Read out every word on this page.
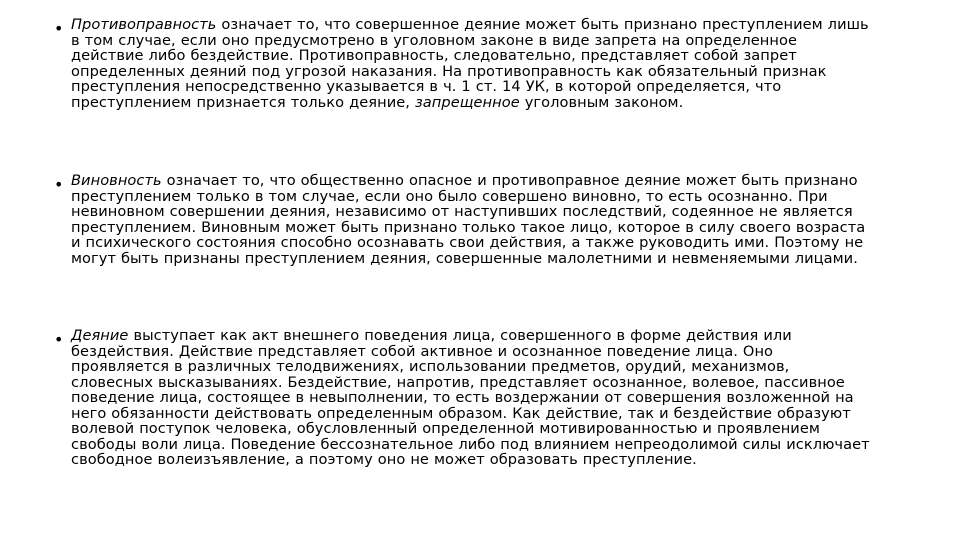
• Противоправность означает то, что совершенное деяние может быть признано преступлением лишь в том случае, если оно предусмотрено в уголовном законе в виде запрета на определенное действие либо бездействие. Противоправность, следовательно, представляет собой запрет определенных деяний под угрозой наказания. На противоправность как обязательный признак преступления непосредственно указывается в ч. 1 ст. 14 УК, в которой определяется, что преступлением признается только деяние, запрещенное уголовным законом.
• Виновность означает то, что общественно опасное и противоправное деяние может быть признано преступлением только в том случае, если оно было совершено виновно, то есть осознанно. При невиновном совершении деяния, независимо от наступивших последствий, содеянное не является преступлением. Виновным может быть признано только такое лицо, которое в силу своего возраста и психического состояния способно осознавать свои действия, а также руководить ими. Поэтому не могут быть признаны преступлением деяния, совершенные малолетними и невменяемыми лицами.
• Деяние выступает как акт внешнего поведения лица, совершенного в форме действия или бездействия. Действие представляет собой активное и осознанное поведение лица. Оно проявляется в различных телодвижениях, использовании предметов, орудий, механизмов, словесных высказываниях. Бездействие, напротив, представляет осознанное, волевое, пассивное поведение лица, состоящее в невыполнении, то есть воздержании от совершения возложенной на него обязанности действовать определенным образом. Как действие, так и бездействие образуют волевой поступок человека, обусловленный определенной мотивированностью и проявлением свободы воли лица. Поведение бессознательное либо под влиянием непреодолимой силы исключает свободное волеизъявление, а поэтому оно не может образовать преступление.
